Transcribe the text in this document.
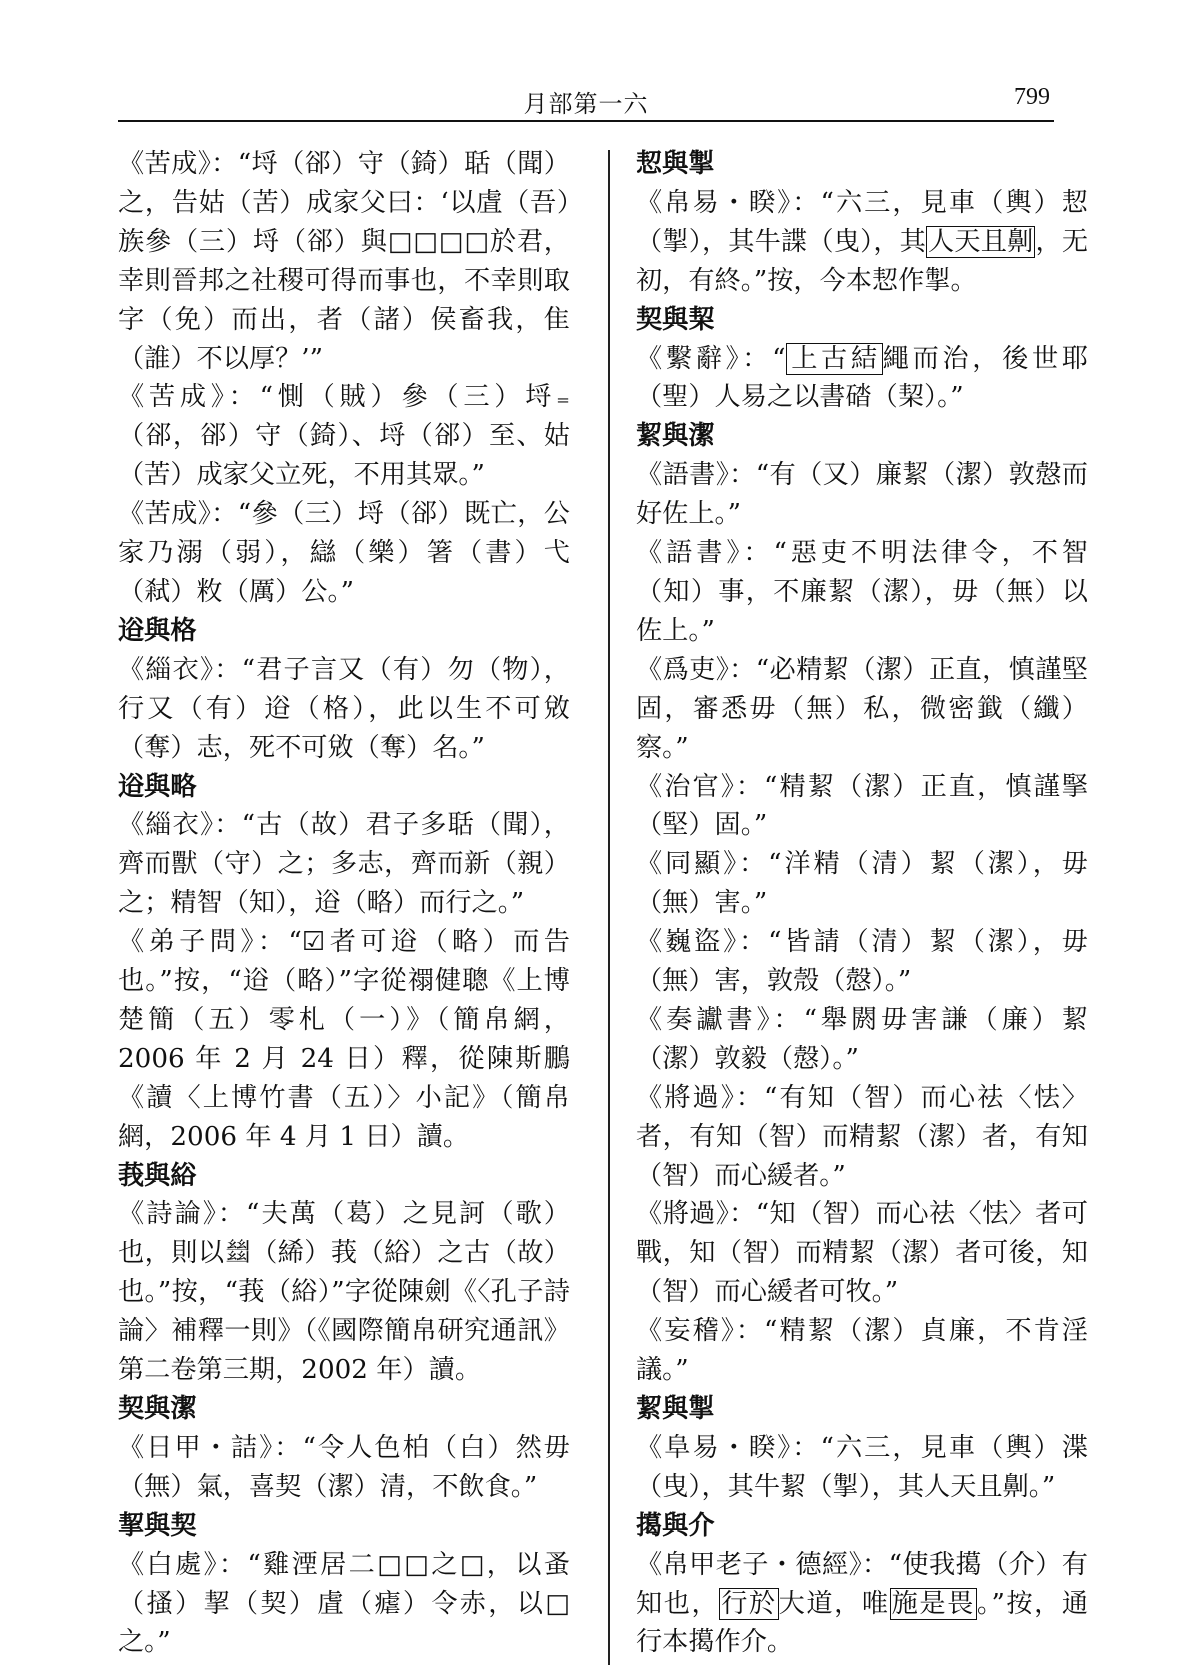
月部第一六	799

《苦成》：“埒（郤）守（錡）聒（聞）之，告姑（苦）成家父曰：‘以虘（吾）族參（三）埒（郤）與□□□□於君，幸則晉邦之社稷可得而事也，不幸則取字（免）而出，者（諸）侯畜我，隹（誰）不以厚？’”

《苦成》：“惻（賊）參（三）埒₌（郤，郤）守（錡）、埒（郤）至、姑（苦）成家父立死，不用其眾。”

《苦成》：“參（三）埒（郤）既亡，公家乃溺（弱），䜌（樂）箸（書）弋（弒）敉（厲）公。”

逧與格

《緇衣》：“君子言又（有）勿（物），行又（有）逧（格），此以生不可敓（奪）志，死不可敓（奪）名。”

逧與略

《緇衣》：“古（故）君子多聒（聞），齊而獸（守）之；多志，齊而新（親）之；精智（知），逧（略）而行之。”

《弟子問》：“☑者可逧（略）而告也。”按，“逧（略）”字從禤健聰《上博楚簡（五）零札（一）》（簡帛網，2006 年 2 月 24 日）釋，從陳斯鵬《讀〈上博竹書（五）〉小記》（簡帛網，2006 年 4 月 1 日）讀。

莪與綌

《詩論》：“夫萬（葛）之見訶（歌）也，則以𢇍（絺）莪（綌）之古（故）也。”按，“莪（綌）”字從陳劍《〈孔子詩論〉補釋一則》（《國際簡帛研究通訊》第二卷第三期，2002 年）讀。

契與潔

《日甲・詰》：“令人色柏（白）然毋（無）氣，喜契（潔）清，不飲食。”

挈與契

《白處》：“雞湮居二□□之□，以蚤（搔）挈（契）虘（瘧）令赤，以□之。”

恝與掣

《帛易・睽》：“六三，見車（輿）恝（掣），其牛諜（曳），其人天且劓，无初，有終。”按，今本恝作掣。

契與栔

《繫辭》：“上古結繩而治，後世耶（聖）人易之以書䂿（栔）。”

絜與潔

《語書》：“有（又）廉絜（潔）敦慤而好佐上。”

《語書》：“惡吏不明法律令，不智（知）事，不廉絜（潔），毋（無）以佐上。”

《爲吏》：“必精絜（潔）正直，慎謹堅固，審悉毋（無）私，微密韱（纖）察。”

《治官》：“精絜（潔）正直，慎謹掔（堅）固。”

《同顯》：“洋精（清）絜（潔），毋（無）害。”

《巍盜》：“皆請（清）絜（潔），毋（無）害，敦殼（慤）。”

《奏讞書》：“舉閼毋害謙（廉）絜（潔）敦毅（慤）。”

《將過》：“有知（智）而心祛〈怯〉者，有知（智）而精絜（潔）者，有知（智）而心緩者。”

《將過》：“知（智）而心祛〈怯〉者可戰，知（智）而精絜（潔）者可後，知（智）而心緩者可牧。”

《妄稽》：“精絜（潔）貞廉，不肯淫議。”

絜與掣

《阜易・睽》：“六三，見車（輿）渫（曳），其牛絜（掣），其人天且劓。”

擖與介

《帛甲老子・德經》：“使我擖（介）有知也，行於大道，唯施是畏。”按，通行本擖作介。
